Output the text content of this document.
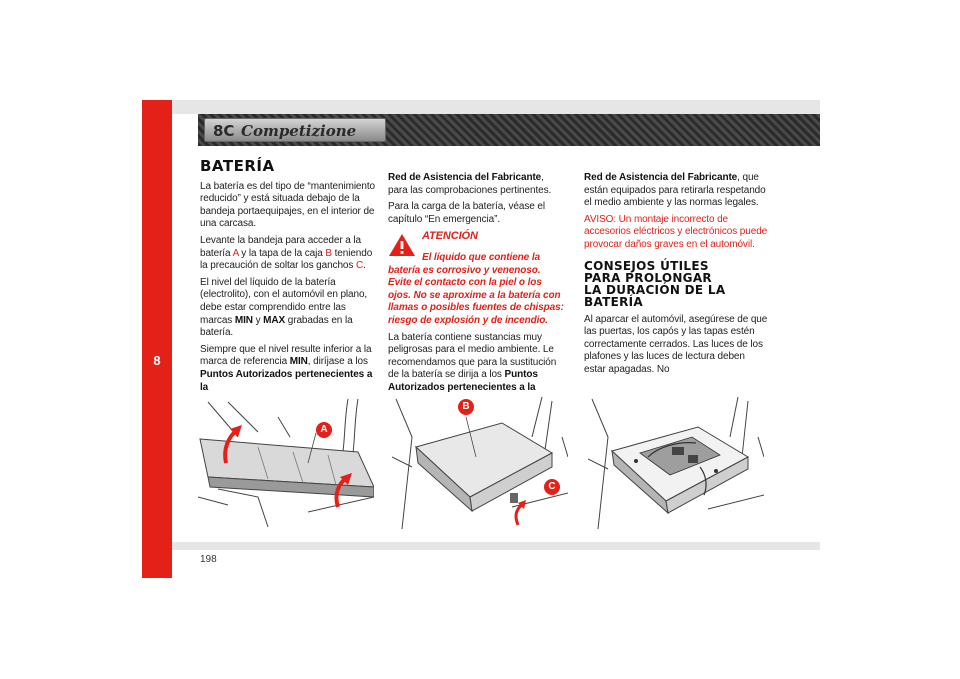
8
8C Competizione
198
BATERÍA

La batería es del tipo de “mantenimiento reducido” y está situada debajo de la bandeja portaequipajes, en el interior de una carcasa.

Levante la bandeja para acceder a la batería A y la tapa de la caja B teniendo la precaución de soltar los ganchos C.

El nivel del líquido de la batería (electrolito), con el automóvil en plano, debe estar comprendido entre las marcas MIN y MAX grabadas en la batería.

Siempre que el nivel resulte inferior a la marca de referencia MIN, diríjase a los Puntos Autorizados pertenecientes a la

Red de Asistencia del Fabricante, para las comprobaciones pertinentes.

Para la carga de la batería, véase el capítulo “En emergencia”.

ATENCIÓN

El líquido que contiene la batería es corrosivo y venenoso. Evite el contacto con la piel o los ojos. No se aproxime a la batería con llamas o posibles fuentes de chispas: riesgo de explosión y de incendio.

La batería contiene sustancias muy peligrosas para el medio ambiente. Le recomendamos que para la sustitución de la batería se dirija a los Puntos Autorizados pertenecientes a la

Red de Asistencia del Fabricante, que están equipados para retirarla respetando el medio ambiente y las normas legales.

AVISO: Un montaje incorrecto de accesorios eléctricos y electrónicos puede provocar daños graves en el automóvil.

CONSEJOS ÚTILES
PARA PROLONGAR
LA DURACIÓN DE LA
BATERÍA

Al aparcar el automóvil, asegúrese de que las puertas, los capós y las tapas estén correctamente cerrados. Las luces de los plafones y las luces de lectura deben estar apagadas. No

A
B
C
